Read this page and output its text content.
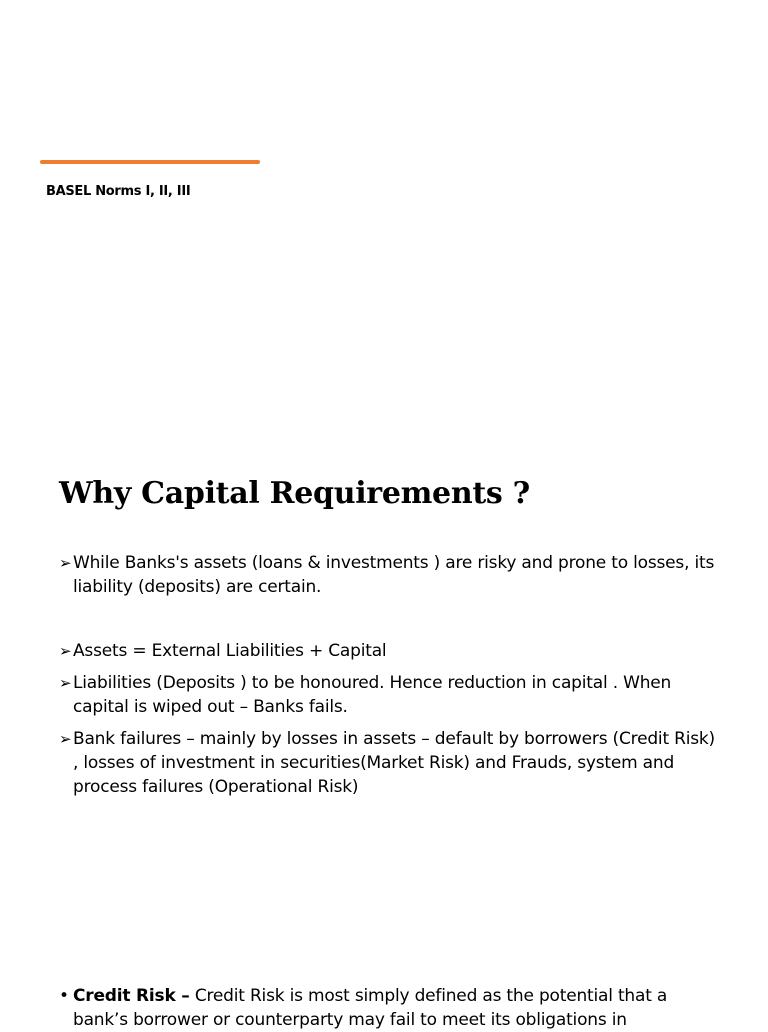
BASEL Norms I, II, III
Why Capital Requirements ?
➢ While Banks's assets (loans & investments ) are risky and prone to losses, its liability (deposits) are certain.
➢ Assets = External Liabilities + Capital
➢ Liabilities (Deposits ) to be honoured. Hence reduction in capital . When capital is wiped out – Banks fails.
➢ Bank failures – mainly by losses in assets – default by borrowers (Credit Risk) , losses of investment in securities(Market Risk) and Frauds, system and process failures (Operational Risk)
• Credit Risk – Credit Risk is most simply defined as the potential that a bank’s borrower or counterparty may fail to meet its obligations in
